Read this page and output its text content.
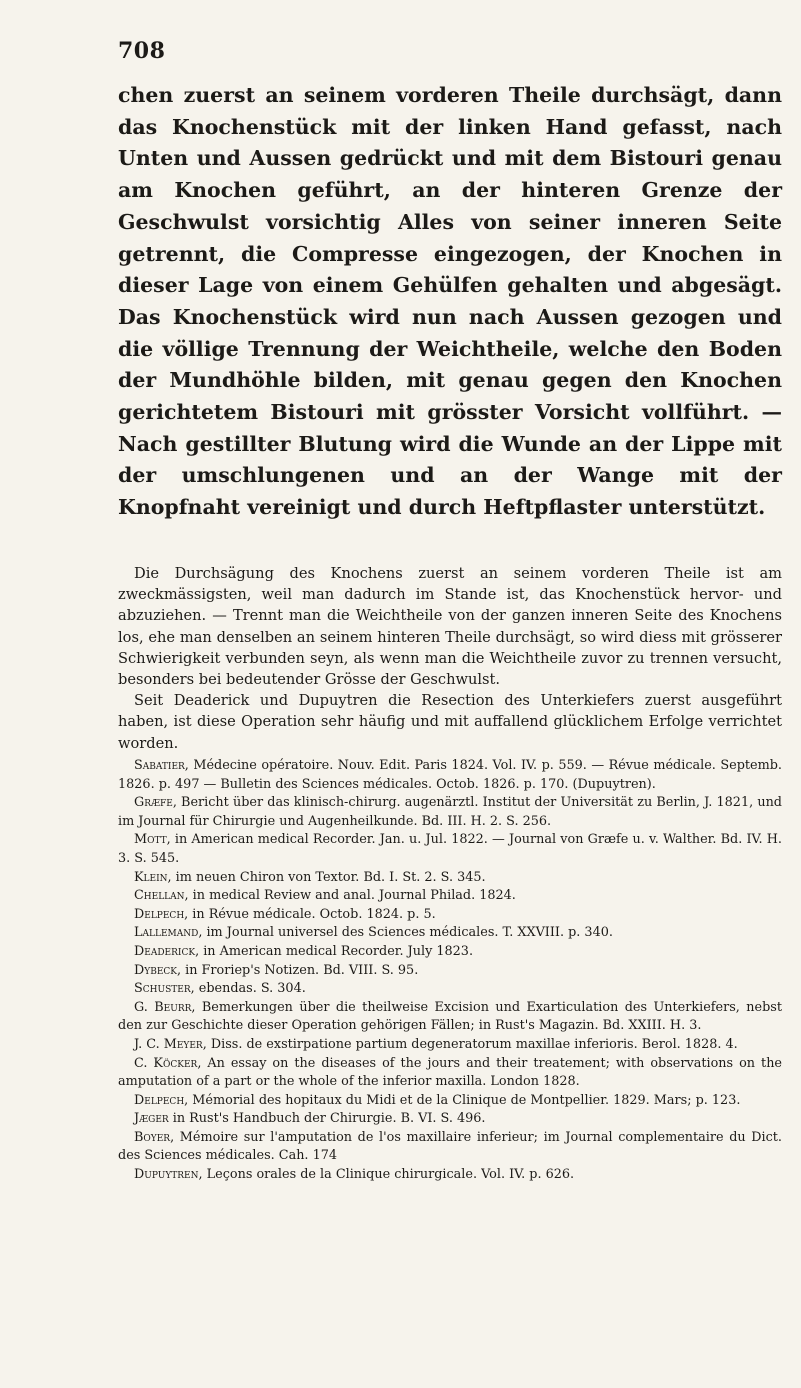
708

chen zuerst an seinem vorderen Theile durchsägt, dann das Knochenstück mit der linken Hand gefasst, nach Unten und Aussen gedrückt und mit dem Bistouri genau am Knochen geführt, an der hinteren Grenze der Geschwulst vorsichtig Alles von seiner inneren Seite getrennt, die Compresse eingezogen, der Knochen in dieser Lage von einem Gehülfen gehalten und abgesägt. Das Knochenstück wird nun nach Aussen gezogen und die völlige Trennung der Weichtheile, welche den Boden der Mundhöhle bilden, mit genau gegen den Knochen gerichtetem Bistouri mit grösster Vorsicht vollführt. — Nach gestillter Blutung wird die Wunde an der Lippe mit der umschlungenen und an der Wange mit der Knopfnaht vereinigt und durch Heftpflaster unterstützt.

Die Durchsägung des Knochens zuerst an seinem vorderen Theile ist am zweckmässigsten, weil man dadurch im Stande ist, das Knochenstück hervor- und abzuziehen. — Trennt man die Weichtheile von der ganzen inneren Seite des Knochens los, ehe man denselben an seinem hinteren Theile durchsägt, so wird diess mit grösserer Schwierigkeit verbunden seyn, als wenn man die Weichtheile zuvor zu trennen versucht, besonders bei bedeutender Grösse der Geschwulst.

Seit Deaderick und Dupuytren die Resection des Unterkiefers zuerst ausgeführt haben, ist diese Operation sehr häufig und mit auffallend glücklichem Erfolge verrichtet worden.

Sabatier, Médecine opératoire. Nouv. Edit. Paris 1824. Vol. IV. p. 559. — Révue médicale. Septemb. 1826. p. 497 — Bulletin des Sciences médicales. Octob. 1826. p. 170. (Dupuytren).

Græfe, Bericht über das klinisch-chirurg. augenärztl. Institut der Universität zu Berlin, J. 1821, und im Journal für Chirurgie und Augenheilkunde. Bd. III. H. 2. S. 256.

Mott, in American medical Recorder. Jan. u. Jul. 1822. — Journal von Græfe u. v. Walther. Bd. IV. H. 3. S. 545.

Klein, im neuen Chiron von Textor. Bd. I. St. 2. S. 345.

Chellan, in medical Review and anal. Journal Philad. 1824.

Delpech, in Révue médicale. Octob. 1824. p. 5.

Lallemand, im Journal universel des Sciences médicales. T. XXVIII. p. 340.

Deaderick, in American medical Recorder. July 1823.

Dybeck, in Froriep's Notizen. Bd. VIII. S. 95.

Schuster, ebendas. S. 304.

G. Beurr, Bemerkungen über die theilweise Excision und Exarticulation des Unterkiefers, nebst den zur Geschichte dieser Operation gehörigen Fällen; in Rust's Magazin. Bd. XXIII. H. 3.

J. C. Meyer, Diss. de exstirpatione partium degeneratorum maxillae inferioris. Berol. 1828. 4.

C. Köcker, An essay on the diseases of the jours and their treatement; with observations on the amputation of a part or the whole of the inferior maxilla. London 1828.

Delpech, Mémorial des hopitaux du Midi et de la Clinique de Montpellier. 1829. Mars; p. 123.

Jæger in Rust's Handbuch der Chirurgie. B. VI. S. 496.

Boyer, Mémoire sur l'amputation de l'os maxillaire inferieur; im Journal complementaire du Dict. des Sciences médicales. Cah. 174

Dupuytren, Leçons orales de la Clinique chirurgicale. Vol. IV. p. 626.
